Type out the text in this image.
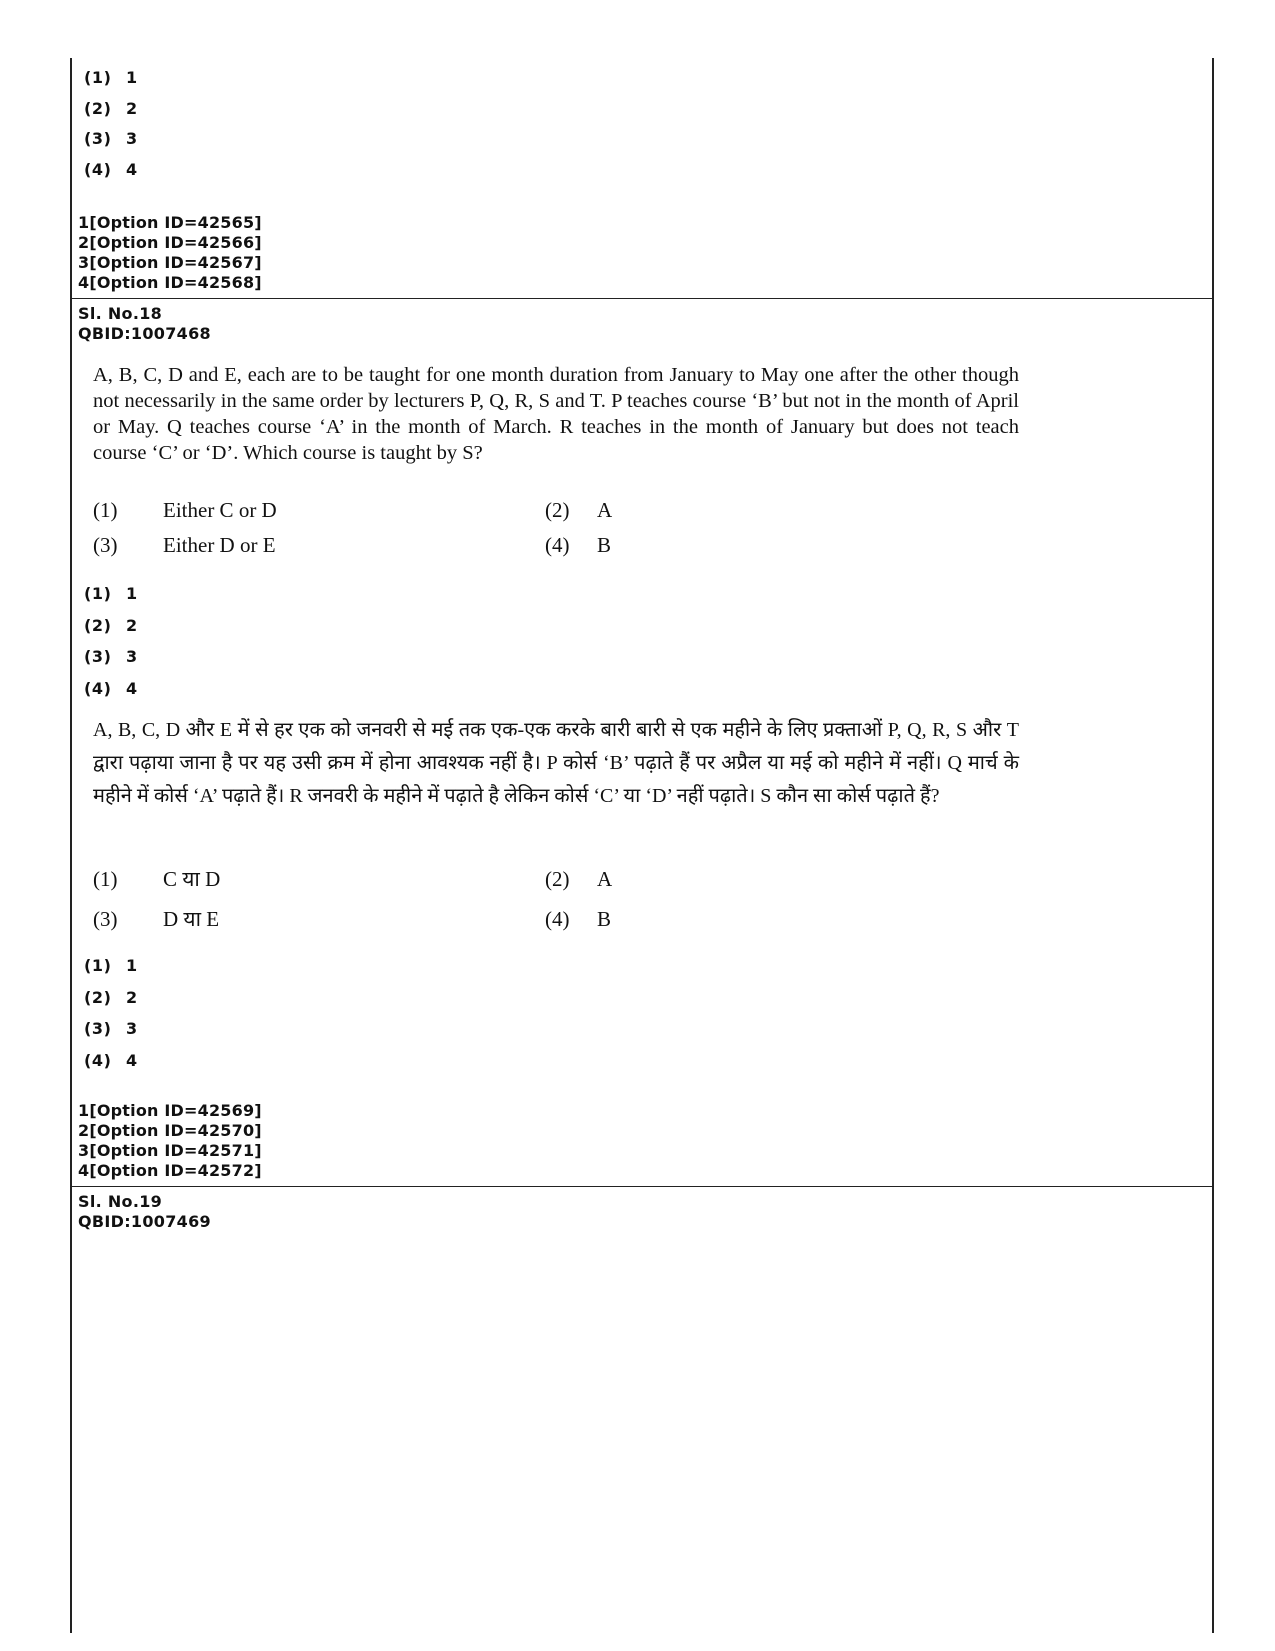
(1) 1
(2) 2
(3) 3
(4) 4
1[Option ID=42565]
2[Option ID=42566]
3[Option ID=42567]
4[Option ID=42568]
Sl. No.18
QBID:1007468
A, B, C, D and E, each are to be taught for one month duration from January to May one after the other though not necessarily in the same order by lecturers P, Q, R, S and T. P teaches course ‘B’ but not in the month of April or May. Q teaches course ‘A’ in the month of March. R teaches in the month of January but does not teach course ‘C’ or ‘D’. Which course is taught by S?
(1) Either C or D	(2) A
(3) Either D or E	(4) B
(1) 1
(2) 2
(3) 3
(4) 4
A, B, C, D और E में से हर एक को जनवरी से मई तक एक-एक करके बारी बारी से एक महीने के लिए प्रक्ताओं P, Q, R, S और T द्वारा पढ़ाया जाना है पर यह उसी क्रम में होना आवश्यक नहीं है। P कोर्स ‘B’ पढ़ाते हैं पर अप्रैल या मई को महीने में नहीं। Q मार्च के महीने में कोर्स ‘A’ पढ़ाते हैं। R जनवरी के महीने में पढ़ाते है लेकिन कोर्स ‘C’ या ‘D’ नहीं पढ़ाते। S कौन सा कोर्स पढ़ाते हैं?
(1) C या D	(2) A
(3) D या E	(4) B
(1) 1
(2) 2
(3) 3
(4) 4
1[Option ID=42569]
2[Option ID=42570]
3[Option ID=42571]
4[Option ID=42572]
Sl. No.19
QBID:1007469
